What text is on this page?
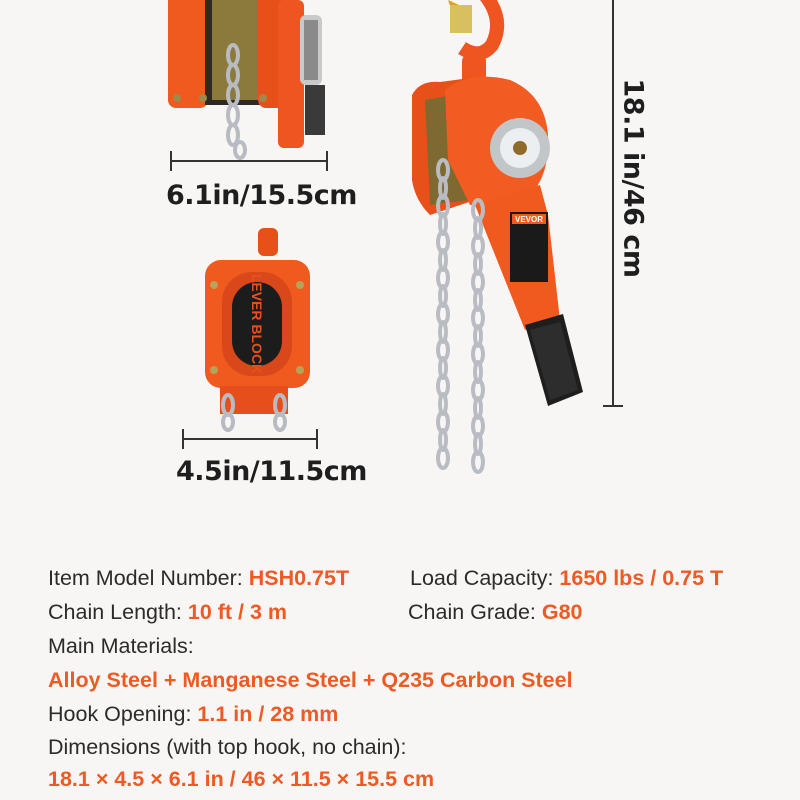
VEVOR
6.1in/15.5cm
4.5in/11.5cm
18.1 in/46 cm
Item Model Number: HSH0.75T	Load Capacity: 1650 lbs / 0.75 T
Chain Length: 10 ft / 3 m	Chain Grade: G80
Main Materials:
Alloy Steel + Manganese Steel + Q235 Carbon Steel
Hook Opening: 1.1 in / 28 mm
Dimensions (with top hook, no chain):
18.1 × 4.5 × 6.1 in / 46 × 11.5 × 15.5 cm
LEVER BLOCK
